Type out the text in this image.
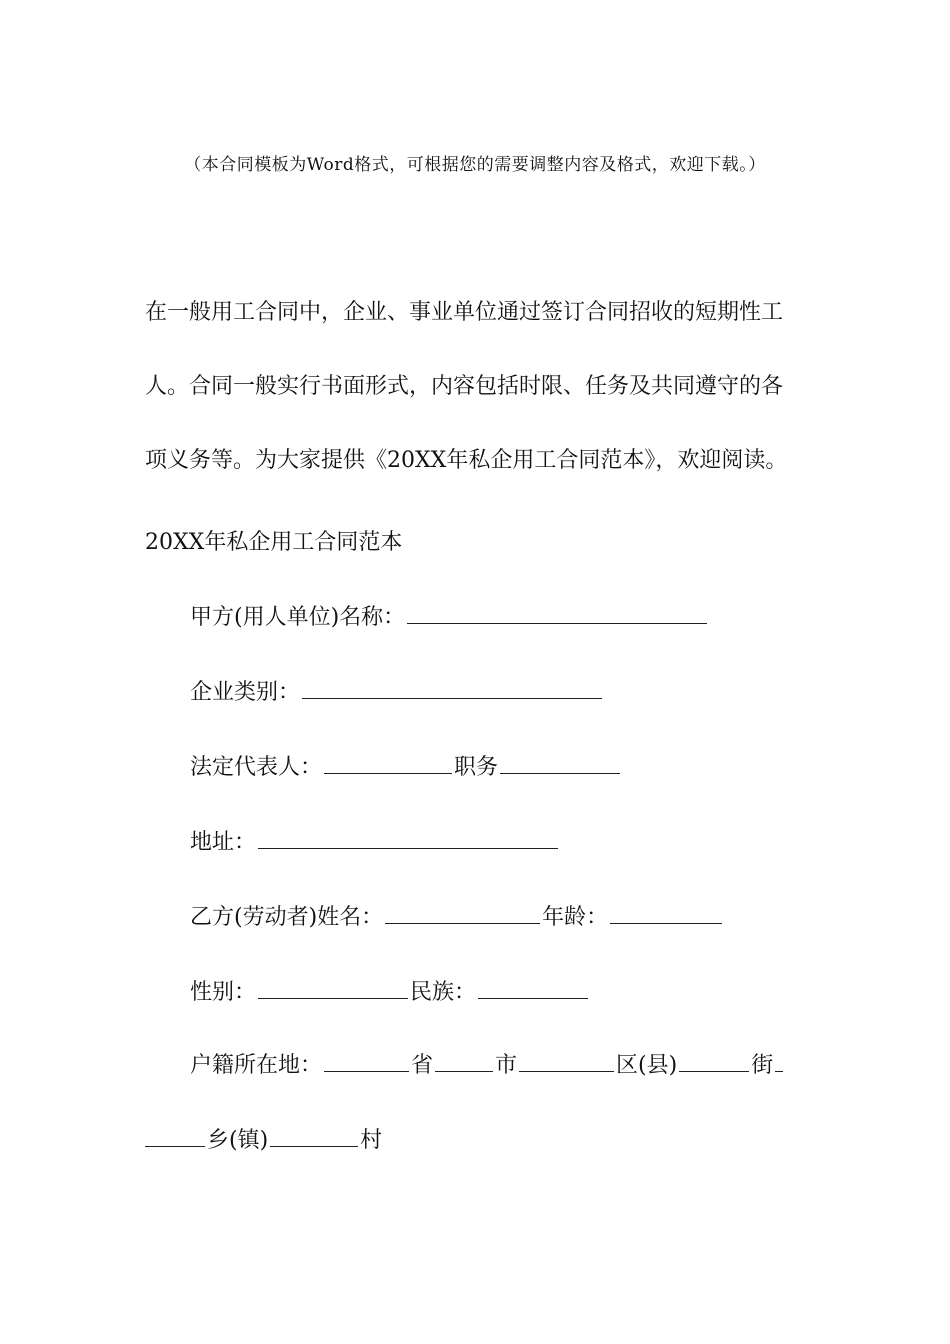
（本合同模板为Word格式，可根据您的需要调整内容及格式，欢迎下载。）
在一般用工合同中，企业、事业单位通过签订合同招收的短期性工
人。合同一般实行书面形式，内容包括时限、任务及共同遵守的各
项义务等。为大家提供《20XX年私企用工合同范本》，欢迎阅读。
20XX年私企用工合同范本
甲方(用人单位)名称：
企业类别：
法定代表人：	职务
地址：
乙方(劳动者)姓名：	年龄：
性别：	民族：
户籍所在地：	省	市	区(县)	街
乡(镇)	村
